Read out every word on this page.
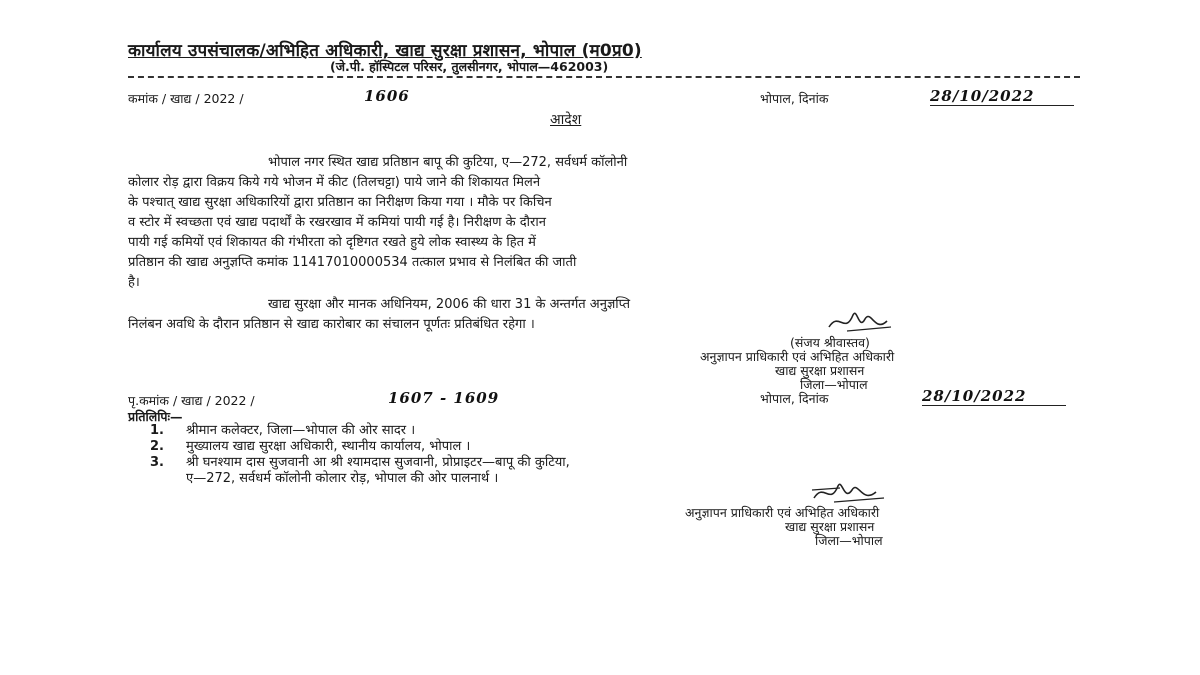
कार्यालय उपसंचालक/अभिहित अधिकारी, खाद्य सुरक्षा प्रशासन, भोपाल (म0प्र0)
(जे.पी. हॉस्पिटल परिसर, तुलसीनगर, भोपाल—462003)
कमांक / खाद्य / 2022 /	1606	भोपाल, दिनांक	28/10/2022
आदेश
भोपाल नगर स्थित खाद्य प्रतिष्ठान बापू की कुटिया, ए—272, सर्वधर्म कॉलोनी
कोलार रोड़ द्वारा विक्रय किये गये भोजन में कीट (तिलचट्टा) पाये जाने की शिकायत मिलने
के पश्चात् खाद्य सुरक्षा अधिकारियों द्वारा प्रतिष्ठान का निरीक्षण किया गया । मौके पर किचिन
व स्टोर में स्वच्छता एवं खाद्य पदार्थों के रखरखाव में कमियां पायी गई है। निरीक्षण के दौरान
पायी गई कमियों एवं शिकायत की गंभीरता को दृष्टिगत रखते हुये लोक स्वास्थ्य के हित में
प्रतिष्ठान की खाद्य अनुज्ञप्ति कमांक 11417010000534 तत्काल प्रभाव से निलंबित की जाती
है।
खाद्य सुरक्षा और मानक अधिनियम, 2006 की धारा 31 के अन्तर्गत अनुज्ञप्ति
निलंबन अवधि के दौरान प्रतिष्ठान से खाद्य कारोबार का संचालन पूर्णतः प्रतिबंधित रहेगा ।
(संजय श्रीवास्तव)
अनुज्ञापन प्राधिकारी एवं अभिहित अधिकारी
खाद्य सुरक्षा प्रशासन
जिला—भोपाल
पृ.कमांक / खाद्य / 2022 /	1607 - 1609	भोपाल, दिनांक	28/10/2022
प्रतिलिपिः—
1. श्रीमान कलेक्टर, जिला—भोपाल की ओर सादर ।
2. मुख्यालय खाद्य सुरक्षा अधिकारी, स्थानीय कार्यालय, भोपाल ।
3. श्री घनश्याम दास सुजवानी आ श्री श्यामदास सुजवानी, प्रोप्राइटर—बापू की कुटिया,
ए—272, सर्वधर्म कॉलोनी कोलार रोड़, भोपाल की ओर पालनार्थ ।
अनुज्ञापन प्राधिकारी एवं अभिहित अधिकारी
खाद्य सुरक्षा प्रशासन
जिला—भोपाल
